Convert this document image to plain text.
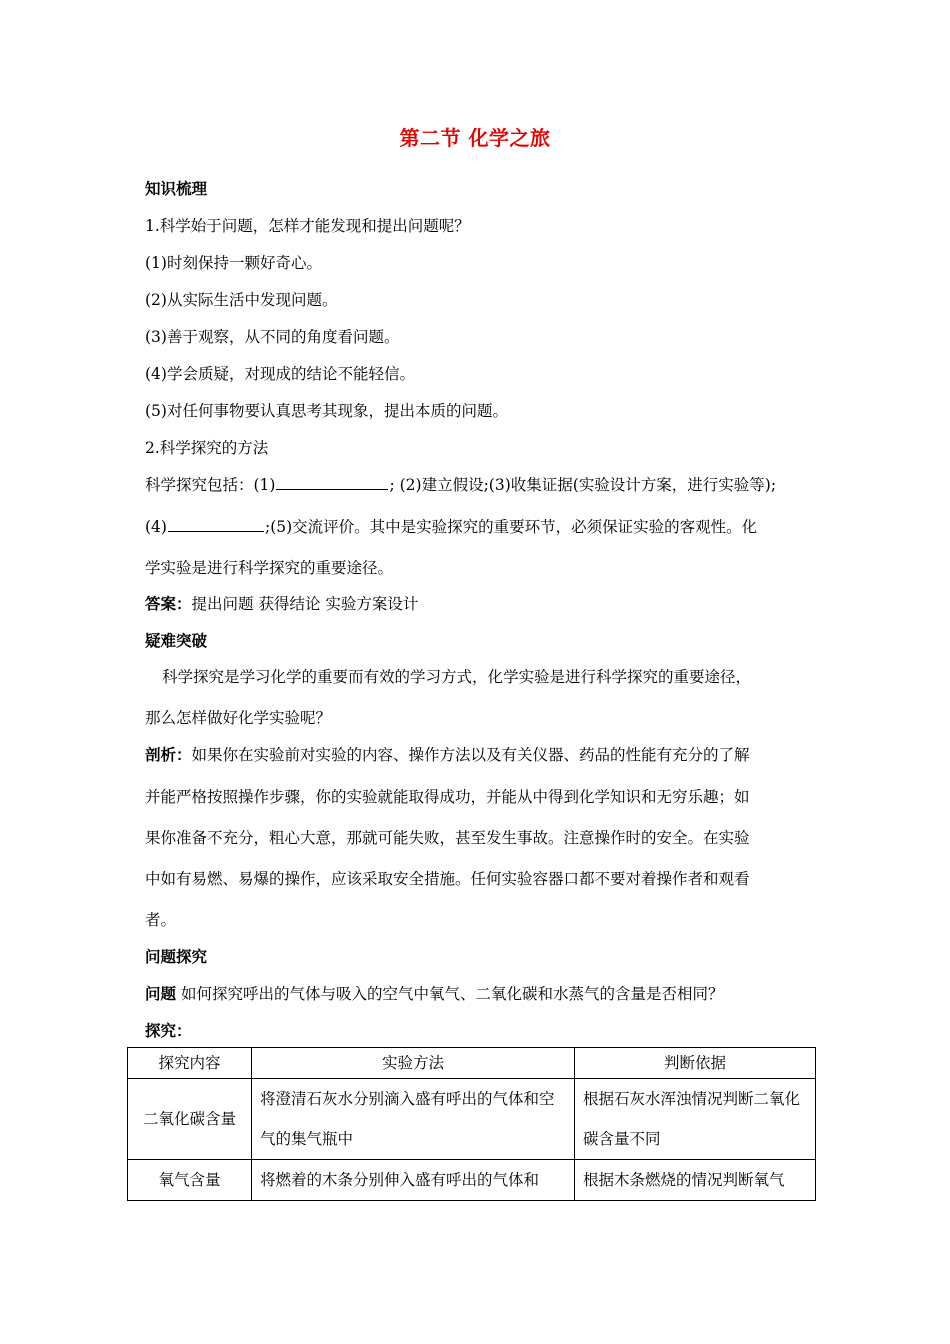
第二节 化学之旅
知识梳理
1.科学始于问题，怎样才能发现和提出问题呢？
(1)时刻保持一颗好奇心。
(2)从实际生活中发现问题。
(3)善于观察，从不同的角度看问题。
(4)学会质疑，对现成的结论不能轻信。
(5)对任何事物要认真思考其现象，提出本质的问题。
2.科学探究的方法
科学探究包括：(1)	; (2)建立假设;(3)收集证据(实验设计方案，进行实验等);
(4)	;(5)交流评价。其中是实验探究的重要环节，必须保证实验的客观性。化
学实验是进行科学探究的重要途径。
答案：提出问题 获得结论 实验方案设计
疑难突破
科学探究是学习化学的重要而有效的学习方式，化学实验是进行科学探究的重要途径，
那么怎样做好化学实验呢？
剖析：如果你在实验前对实验的内容、操作方法以及有关仪器、药品的性能有充分的了解
并能严格按照操作步骤，你的实验就能取得成功，并能从中得到化学知识和无穷乐趣；如
果你准备不充分，粗心大意，那就可能失败，甚至发生事故。注意操作时的安全。在实验
中如有易燃、易爆的操作，应该采取安全措施。任何实验容器口都不要对着操作者和观看
者。
问题探究
问题 如何探究呼出的气体与吸入的空气中氧气、二氧化碳和水蒸气的含量是否相同？
探究：
探究内容	实验方法	判断依据
二氧化碳含量	将澄清石灰水分别滴入盛有呼出的气体和空气的集气瓶中	根据石灰水浑浊情况判断二氧化碳含量不同
氧气含量	将燃着的木条分别伸入盛有呼出的气体和	根据木条燃烧的情况判断氧气
